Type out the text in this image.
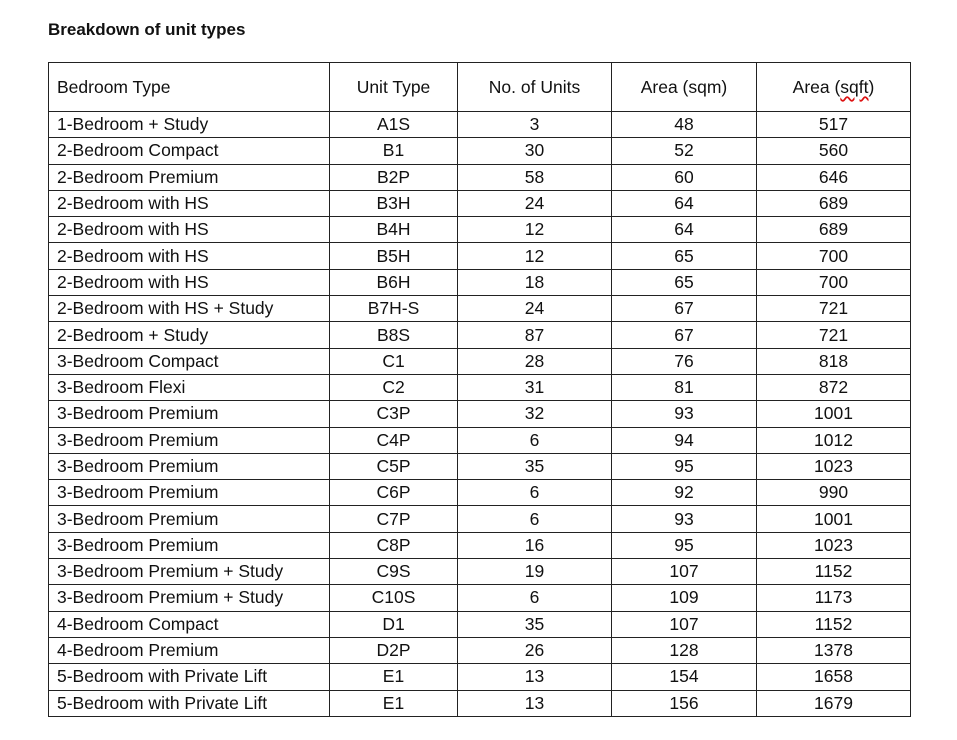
Breakdown of unit types
Bedroom Type	Unit Type	No. of Units	Area (sqm)	Area (sqft)
1-Bedroom + Study	A1S	3	48	517
2-Bedroom Compact	B1	30	52	560
2-Bedroom Premium	B2P	58	60	646
2-Bedroom with HS	B3H	24	64	689
2-Bedroom with HS	B4H	12	64	689
2-Bedroom with HS	B5H	12	65	700
2-Bedroom with HS	B6H	18	65	700
2-Bedroom with HS + Study	B7H-S	24	67	721
2-Bedroom + Study	B8S	87	67	721
3-Bedroom Compact	C1	28	76	818
3-Bedroom Flexi	C2	31	81	872
3-Bedroom Premium	C3P	32	93	1001
3-Bedroom Premium	C4P	6	94	1012
3-Bedroom Premium	C5P	35	95	1023
3-Bedroom Premium	C6P	6	92	990
3-Bedroom Premium	C7P	6	93	1001
3-Bedroom Premium	C8P	16	95	1023
3-Bedroom Premium + Study	C9S	19	107	1152
3-Bedroom Premium + Study	C10S	6	109	1173
4-Bedroom Compact	D1	35	107	1152
4-Bedroom Premium	D2P	26	128	1378
5-Bedroom with Private Lift	E1	13	154	1658
5-Bedroom with Private Lift	E1	13	156	1679
